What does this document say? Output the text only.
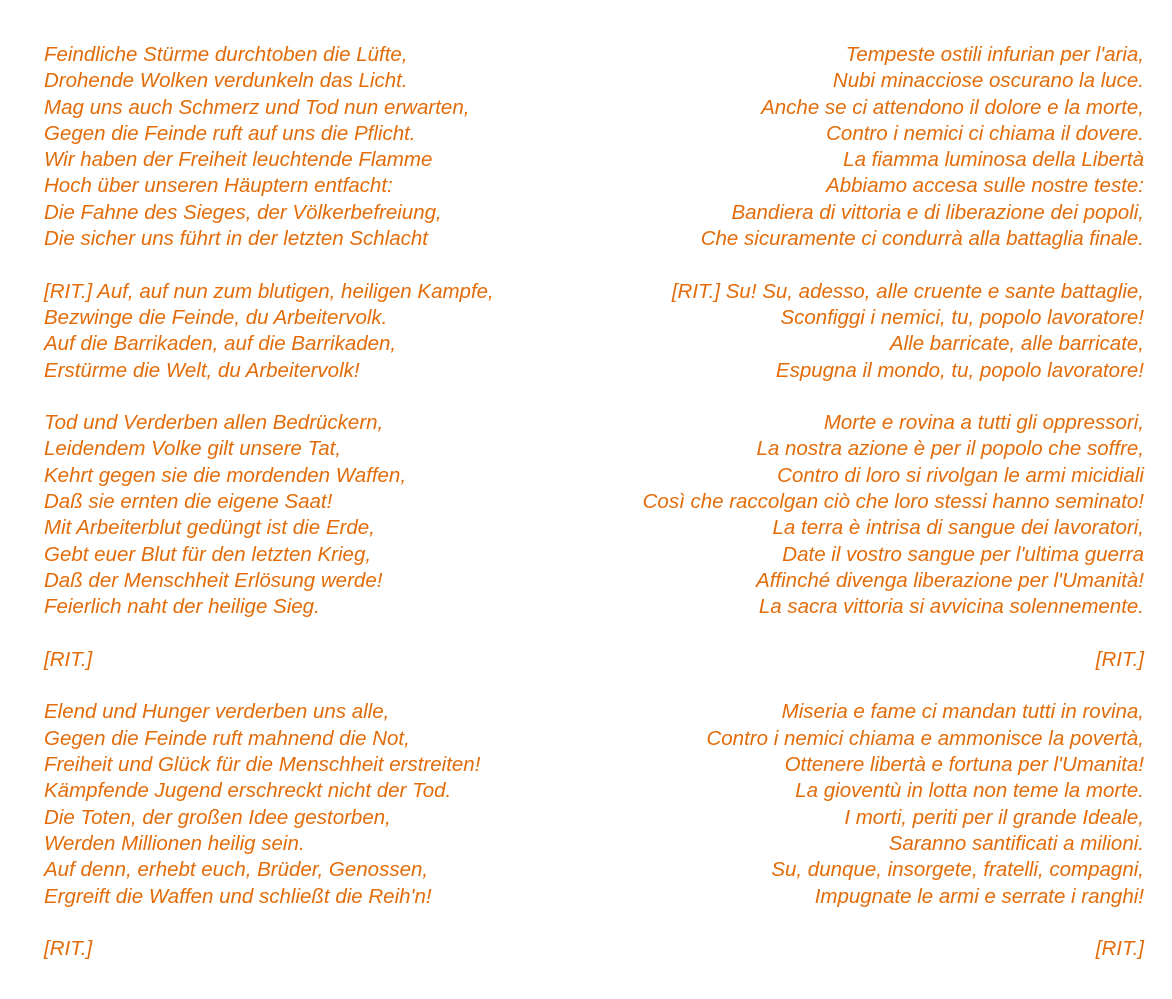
Feindliche Stürme durchtoben die Lüfte,
Drohende Wolken verdunkeln das Licht.
Mag uns auch Schmerz und Tod nun erwarten,
Gegen die Feinde ruft auf uns die Pflicht.
Wir haben der Freiheit leuchtende Flamme
Hoch über unseren Häuptern entfacht:
Die Fahne des Sieges, der Völkerbefreiung,
Die sicher uns führt in der letzten Schlacht
[RIT.] Auf, auf nun zum blutigen, heiligen Kampfe,
Bezwinge die Feinde, du Arbeitervolk.
Auf die Barrikaden, auf die Barrikaden,
Erstürme die Welt, du Arbeitervolk!
Tod und Verderben allen Bedrückern,
Leidendem Volke gilt unsere Tat,
Kehrt gegen sie die mordenden Waffen,
Daß sie ernten die eigene Saat!
Mit Arbeiterblut gedüngt ist die Erde,
Gebt euer Blut für den letzten Krieg,
Daß der Menschheit Erlösung werde!
Feierlich naht der heilige Sieg.
[RIT.]
Elend und Hunger verderben uns alle,
Gegen die Feinde ruft mahnend die Not,
Freiheit und Glück für die Menschheit erstreiten!
Kämpfende Jugend erschreckt nicht der Tod.
Die Toten, der großen Idee gestorben,
Werden Millionen heilig sein.
Auf denn, erhebt euch, Brüder, Genossen,
Ergreift die Waffen und schließt die Reih'n!
[RIT.]
Tempeste ostili infurian per l'aria,
Nubi minacciose oscurano la luce.
Anche se ci attendono il dolore e la morte,
Contro i nemici ci chiama il dovere.
La fiamma luminosa della Libertà
Abbiamo accesa sulle nostre teste:
Bandiera di vittoria e di liberazione dei popoli,
Che sicuramente ci condurrà alla battaglia finale.
[RIT.] Su! Su, adesso, alle cruente e sante battaglie,
Sconfiggi i nemici, tu, popolo lavoratore!
Alle barricate, alle barricate,
Espugna il mondo, tu, popolo lavoratore!
Morte e rovina a tutti gli oppressori,
La nostra azione è per il popolo che soffre,
Contro di loro si rivolgan le armi micidiali
Così che raccolgan ciò che loro stessi hanno seminato!
La terra è intrisa di sangue dei lavoratori,
Date il vostro sangue per l'ultima guerra
Affinché divenga liberazione per l'Umanità!
La sacra vittoria si avvicina solennemente.
[RIT.]
Miseria e fame ci mandan tutti in rovina,
Contro i nemici chiama e ammonisce la povertà,
Ottenere libertà e fortuna per l'Umanita!
La gioventù in lotta non teme la morte.
I morti, periti per il grande Ideale,
Saranno santificati a milioni.
Su, dunque, insorgete, fratelli, compagni,
Impugnate le armi e serrate i ranghi!
[RIT.]
